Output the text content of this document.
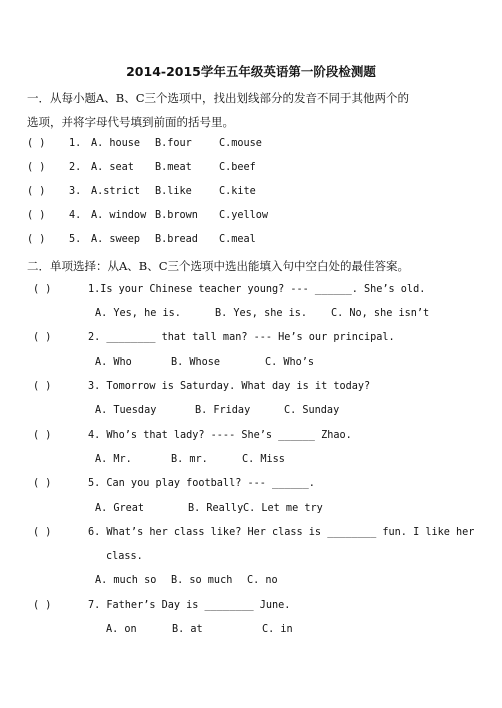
2014-2015学年五年级英语第一阶段检测题
一．从每小题A、B、C三个选项中，找出划线部分的发音不同于其他两个的
选项，并将字母代号填到前面的括号里。
( ) 1. A. house B.four	C.mouse
( ) 2. A. seat B.meat	C.beef
( ) 3. A.strict B.like	C.kite
( ) 4. A. window B.brown C.yellow
( ) 5. A. sweep B.bread C.meal
二．单项选择：从A、B、C三个选项中选出能填入句中空白处的最佳答案。
( )	1.Is your Chinese teacher young? --- ______. She’s old.
A. Yes, he is.	B. Yes, she is. C. No, she isn’t
( )	2. ________ that tall man? --- He’s our principal.
A. Who	B. Whose	C. Who’s
( )	3. Tomorrow is Saturday. What day is it today?
A. Tuesday	B. Friday	C. Sunday
( )	4. Who’s that lady? ---- She’s ______ Zhao.
A. Mr.	B. mr.	C. Miss
( )	5. Can you play football? --- ______.
A. Great	B. ReallyC. Let me try
( )	6. What’s her class like? Her class is ________ fun. I like her
class.
A. much so B. so much C. no
( )	7. Father’s Day is ________ June.
A. on	B. at	C. in
